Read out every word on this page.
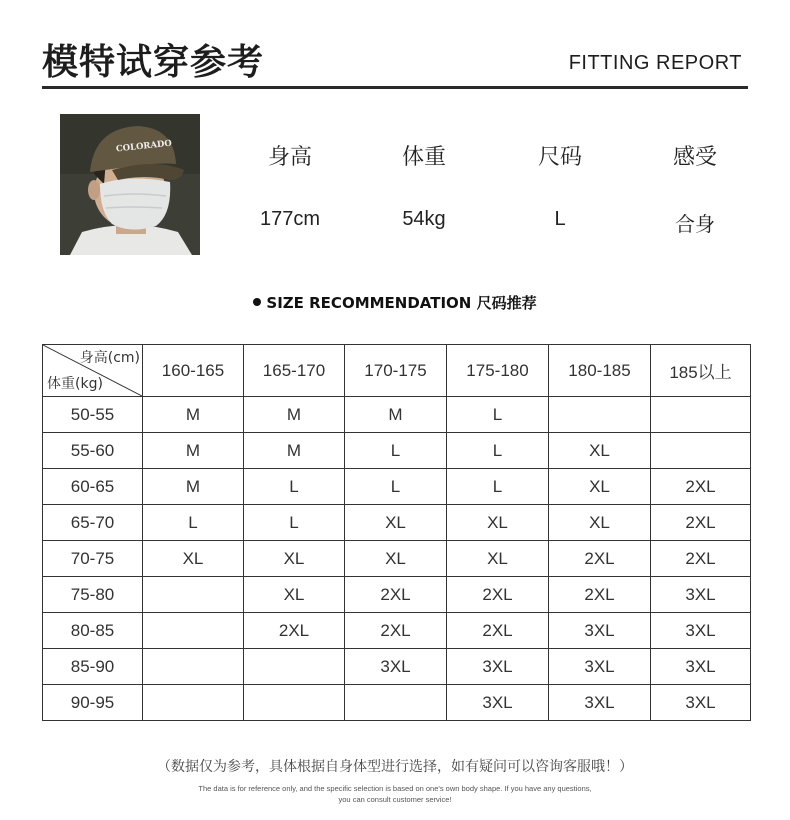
模特试穿参考	FITTING REPORT
COLORADO	身高	体重	尺码	感受
177cm	54kg	L	合身
SIZE RECOMMENDATION 尺码推荐
身高(cm)
体重(kg)	160-165	165-170	170-175	175-180	180-185	185以上
50-55	M	M	M	L		
55-60	M	M	L	L	XL	
60-65	M	L	L	L	XL	2XL
65-70	L	L	XL	XL	XL	2XL
70-75	XL	XL	XL	XL	2XL	2XL
75-80		XL	2XL	2XL	2XL	3XL
80-85		2XL	2XL	2XL	3XL	3XL
85-90			3XL	3XL	3XL	3XL
90-95				3XL	3XL	3XL
（数据仅为参考，具体根据自身体型进行选择，如有疑问可以咨询客服哦！）
The data is for reference only, and the specific selection is based on one's own body shape. If you have any questions,
you can consult customer service!
